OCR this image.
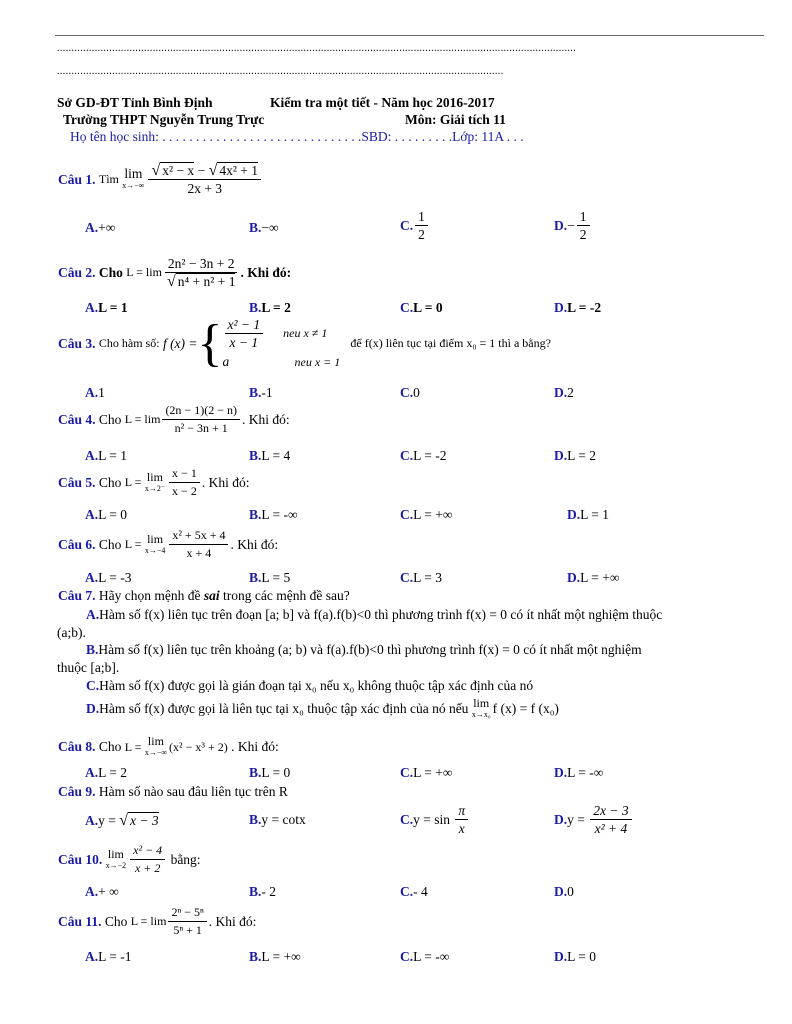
...................................................................................................................................................................................
..........................................................................................................................................................
Sở GD-ĐT Tỉnh Bình Định	Kiểm tra một tiết - Năm học 2016-2017
Trường THPT Nguyễn Trung Trực	Môn: Giải tích 11
Họ tên học sinh: . . . . . . . . . . . . . . . . . . . . . . . . . . . . . .SBD: . . . . . . . . .Lớp: 11A . . .
Câu 1.
Tìm
lim
$x\to-\infty \frac{\text{√ x² − x − √ 4x² + 1}}{2x + 3}$
A.+∞	B.−∞	C. $\frac{1}{2}$	D. − $\frac{1}{2}$
Câu 2.
Cho
$L = \lim \frac{\text{2n² − 3n + 2}}{\text{√ n⁴ + n² + 1}}$ . Khi đó:
A.L = 1	B.L = 2	C.L = 0	D.L = -2
Câu 3.
Cho hàm số:
f (x) = { $\frac{\text{x² − 1}}{x - 1}$ neu x ≠ 1
a	neu x = 1

để f(x) liên tục tại điểm x₀ = 1 thì a bằng?
A.1	B.-1	C.0	D.2
Câu 4.
Cho
$L = \lim \frac{(2n - 1)(2 - n)}{\text{n² − 3n + 1}}$ . Khi đó:
A.L = 1	B.L = 4	C.L = -2	D.L = 2
Câu 5.
Cho
L =
lim
$x\to 2^- \frac{x - 1}{x - 2}$ . Khi đó:
A.L = 0	B.L = -∞	C.L = +∞	D.L = 1
Câu 6.
Cho
L =
lim
$x\to-4 \frac{\text{x² + 5x + 4}}{x + 4}$ . Khi đó:
A.L = -3	B.L = 5	C.L = 3	D.L = +∞
Câu 7. Hãy chọn mệnh đề sai trong các mệnh đề sau?
A.Hàm số f(x) liên tục trên đoạn [a; b] và f(a).f(b)<0 thì phương trình f(x) = 0 có ít nhất một nghiệm thuộc
(a;b).
B.Hàm số f(x) liên tục trên khoảng (a; b) và f(a).f(b)<0 thì phương trình f(x) = 0 có ít nhất một nghiệm
thuộc [a;b].
C.Hàm số f(x) được gọi là gián đoạn tại x₀ nếu x₀ không thuộc tập xác định của nó
D. Hàm số f(x) được gọi là liên tục tại x₀ thuộc tập xác định của nó nếu
lim
x→x₀ f (x) = f (x₀)
Câu 8.
Cho
L =
lim
x→−∞ (x² − x³ + 2)
. Khi đó:
A.L = 2	B.L = 0	C.L = +∞	D.L = -∞
Câu 9. Hàm số nào sau đâu liên tục trên R
A.y = √ x − 3	B.y = cotx	C. y = sin
$\frac{\pi}{x}$	D. y =
$\frac{2x - 3}{\text{x² + 4}}$
Câu 10.
lim
$x\to-2 \frac{\text{x² − 4}}{x + 2}$
bằng:
A.+ ∞	B.- 2	C.- 4	D.0
Câu 11.
Cho
$L = \lim \frac{\text{2ⁿ − 5ⁿ}}{\text{5ⁿ + 1}}$ . Khi đó:
A.L = -1	B.L = +∞	C.L = -∞	D.L = 0
